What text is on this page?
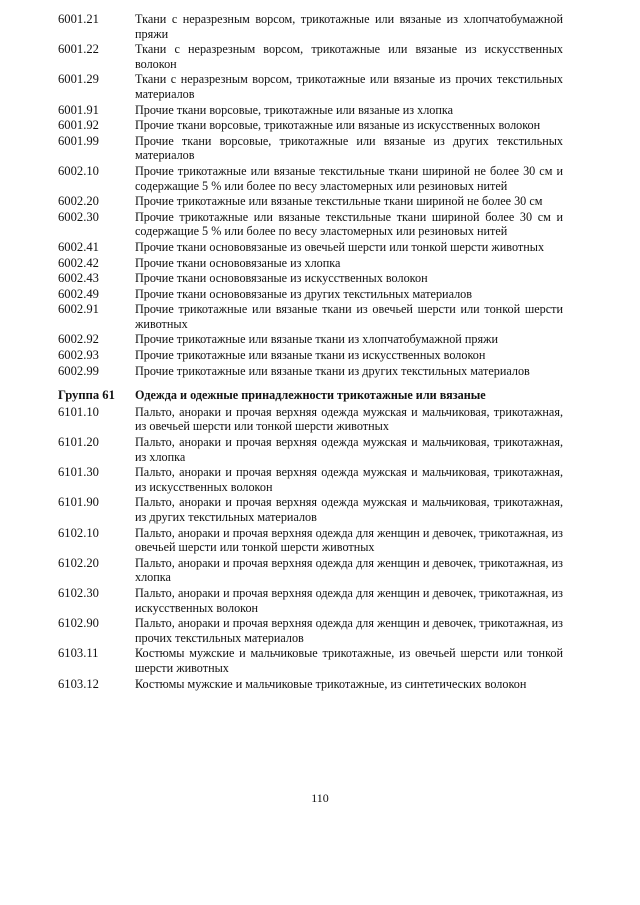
6001.21	Ткани с неразрезным ворсом, трикотажные или вязаные из хлопчатобумажной пряжи
6001.22	Ткани с неразрезным ворсом, трикотажные или вязаные из искусственных волокон
6001.29	Ткани с неразрезным ворсом, трикотажные или вязаные из прочих текстильных материалов
6001.91	Прочие ткани ворсовые, трикотажные или вязаные из хлопка
6001.92	Прочие ткани ворсовые, трикотажные или вязаные из искусственных волокон
6001.99	Прочие ткани ворсовые, трикотажные или вязаные из других текстильных материалов
6002.10	Прочие трикотажные или вязаные текстильные ткани шириной не более 30 см и содержащие 5 % или более по весу эластомерных или резиновых нитей
6002.20	Прочие трикотажные или вязаные текстильные ткани шириной не более 30 см
6002.30	Прочие трикотажные или вязаные текстильные ткани шириной более 30 см и содержащие 5 % или более по весу эластомерных или резиновых нитей
6002.41	Прочие ткани основовязаные из овечьей шерсти или тонкой шерсти животных
6002.42	Прочие ткани основовязаные из хлопка
6002.43	Прочие ткани основовязаные из искусственных волокон
6002.49	Прочие ткани основовязаные из других текстильных материалов
6002.91	Прочие трикотажные или вязаные ткани из овечьей шерсти или тонкой шерсти животных
6002.92	Прочие трикотажные или вязаные ткани из хлопчатобумажной пряжи
6002.93	Прочие трикотажные или вязаные ткани из искусственных волокон
6002.99	Прочие трикотажные или вязаные ткани из других текстильных материалов
Группа 61	Одежда и одежные принадлежности трикотажные или вязаные
6101.10	Пальто, анораки и прочая верхняя одежда мужская и мальчиковая, трикотажная, из овечьей шерсти или тонкой шерсти животных
6101.20	Пальто, анораки и прочая верхняя одежда мужская и мальчиковая, трикотажная, из хлопка
6101.30	Пальто, анораки и прочая верхняя одежда мужская и мальчиковая, трикотажная, из искусственных волокон
6101.90	Пальто, анораки и прочая верхняя одежда мужская и мальчиковая, трикотажная, из других текстильных материалов
6102.10	Пальто, анораки и прочая верхняя одежда для женщин и девочек, трикотажная, из овечьей шерсти или тонкой шерсти животных
6102.20	Пальто, анораки и прочая верхняя одежда для женщин и девочек, трикотажная, из хлопка
6102.30	Пальто, анораки и прочая верхняя одежда для женщин и девочек, трикотажная, из искусственных волокон
6102.90	Пальто, анораки и прочая верхняя одежда для женщин и девочек, трикотажная, из прочих текстильных материалов
6103.11	Костюмы мужские и мальчиковые трикотажные, из овечьей шерсти или тонкой шерсти животных
6103.12	Костюмы мужские и мальчиковые трикотажные, из синтетических волокон
110
